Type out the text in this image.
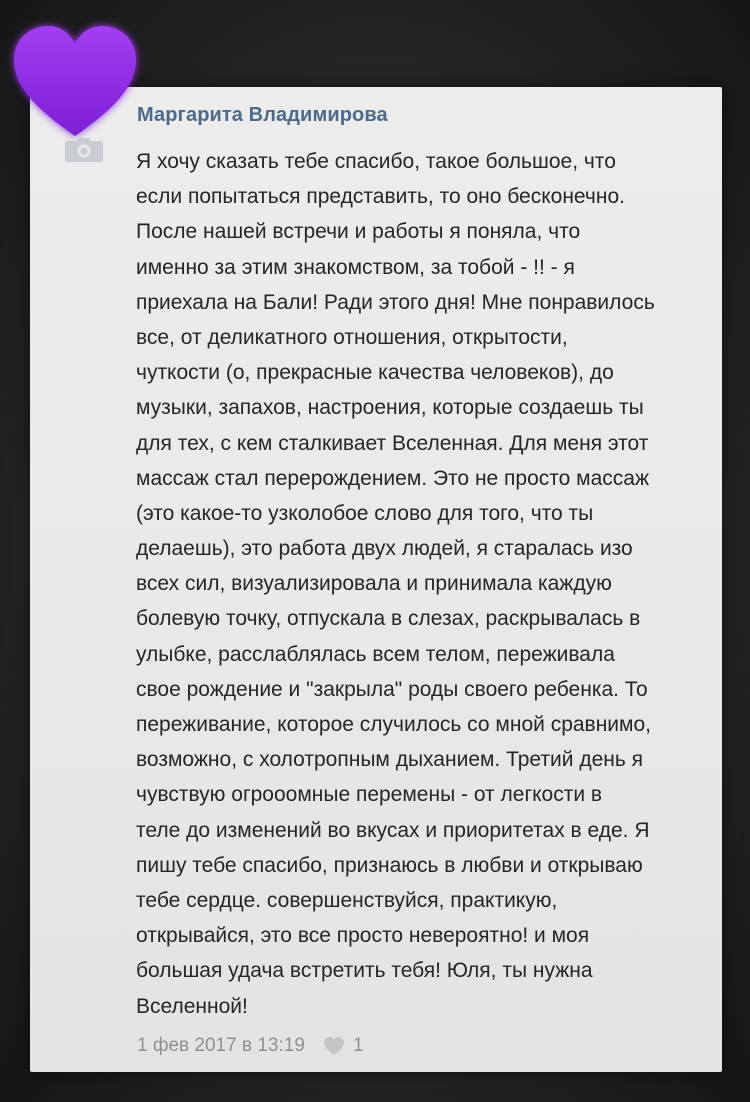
Маргарита Владимирова
Я хочу сказать тебе спасибо, такое большое, что
если попытаться представить, то оно бесконечно.
После нашей встречи и работы я поняла, что
именно за этим знакомством, за тобой - !! - я
приехала на Бали! Ради этого дня! Мне понравилось
все, от деликатного отношения, открытости,
чуткости (о, прекрасные качества человеков), до
музыки, запахов, настроения, которые создаешь ты
для тех, с кем сталкивает Вселенная. Для меня этот
массаж стал перерождением. Это не просто массаж
(это какое-то узколобое слово для того, что ты
делаешь), это работа двух людей, я старалась изо
всех сил, визуализировала и принимала каждую
болевую точку, отпускала в слезах, раскрывалась в
улыбке, расслаблялась всем телом, переживала
свое рождение и "закрыла" роды своего ребенка. То
переживание, которое случилось со мной сравнимо,
возможно, с холотропным дыханием. Третий день я
чувствую огрооомные перемены - от легкости в
теле до изменений во вкусах и приоритетах в еде. Я
пишу тебе спасибо, признаюсь в любви и открываю
тебе сердце. совершенствуйся, практикую,
открывайся, это все просто невероятно! и моя
большая удача встретить тебя! Юля, ты нужна
Вселенной!
1 фев 2017 в 13:19	1
